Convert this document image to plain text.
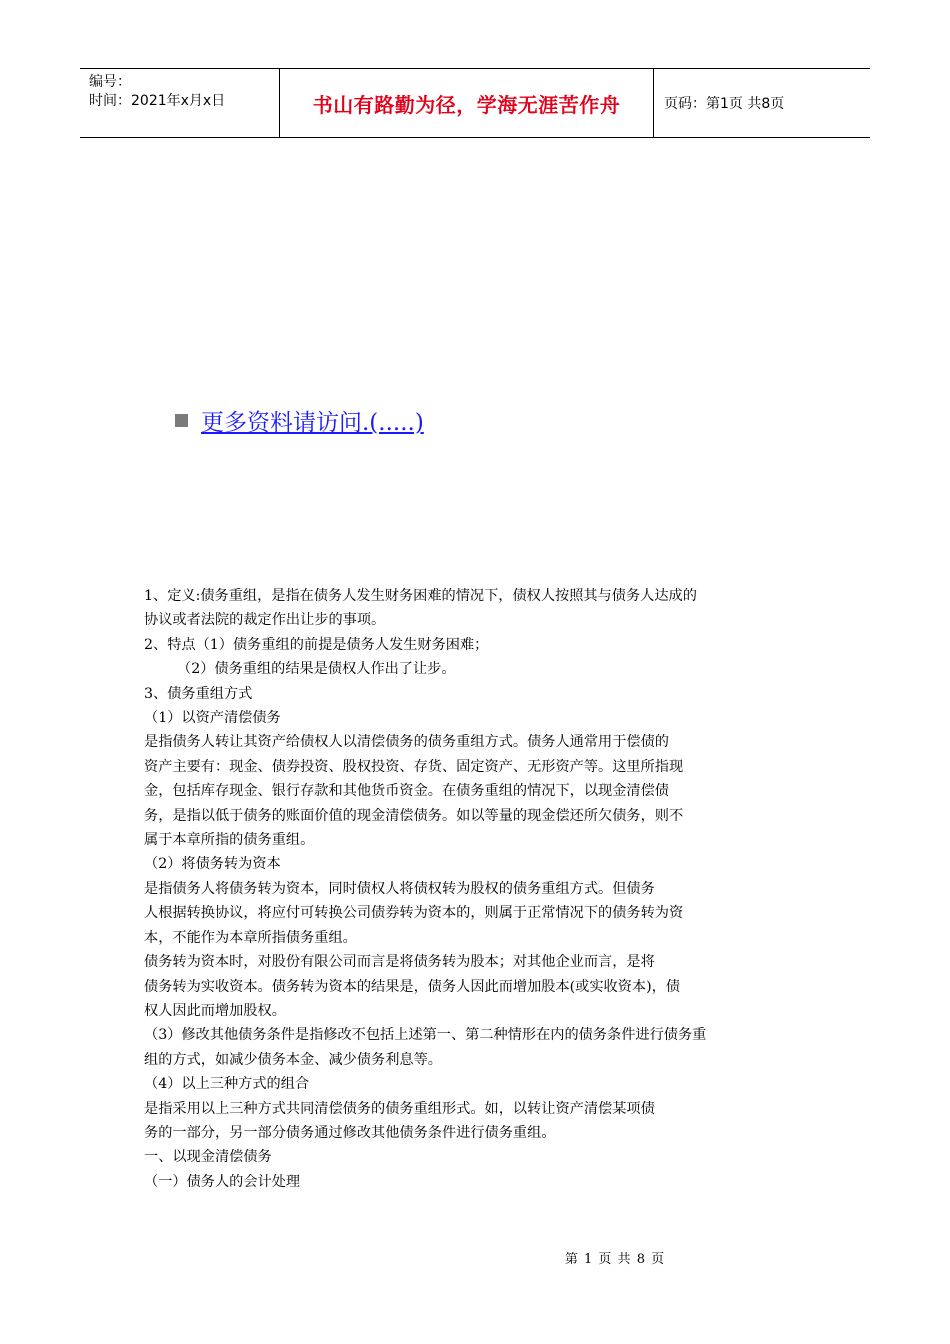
编号：
时间：2021年x月x日	书山有路勤为径，学海无涯苦作舟	页码：第1页 共8页
更多资料请访问.(.....)

1、定义:债务重组，是指在债务人发生财务困难的情况下，债权人按照其与债务人达成的

协议或者法院的裁定作出让步的事项。

2、特点（1）债务重组的前提是债务人发生财务困难；

（2）债务重组的结果是债权人作出了让步。

3、债务重组方式

（1）以资产清偿债务

是指债务人转让其资产给债权人以清偿债务的债务重组方式。债务人通常用于偿债的

资产主要有：现金、债券投资、股权投资、存货、固定资产、无形资产等。这里所指现

金，包括库存现金、银行存款和其他货币资金。在债务重组的情况下，以现金清偿债

务，是指以低于债务的账面价值的现金清偿债务。如以等量的现金偿还所欠债务，则不

属于本章所指的债务重组。

（2）将债务转为资本

是指债务人将债务转为资本，同时债权人将债权转为股权的债务重组方式。但债务

人根据转换协议，将应付可转换公司债券转为资本的，则属于正常情况下的债务转为资

本，不能作为本章所指债务重组。

债务转为资本时，对股份有限公司而言是将债务转为股本；对其他企业而言，是将

债务转为实收资本。债务转为资本的结果是，债务人因此而增加股本(或实收资本)，债

权人因此而增加股权。

（3）修改其他债务条件是指修改不包括上述第一、第二种情形在内的债务条件进行债务重

组的方式，如减少债务本金、减少债务利息等。

（4）以上三种方式的组合

是指采用以上三种方式共同清偿债务的债务重组形式。如，以转让资产清偿某项债

务的一部分，另一部分债务通过修改其他债务条件进行债务重组。

一、以现金清偿债务

（一）债务人的会计处理

第 1 页 共 8 页
